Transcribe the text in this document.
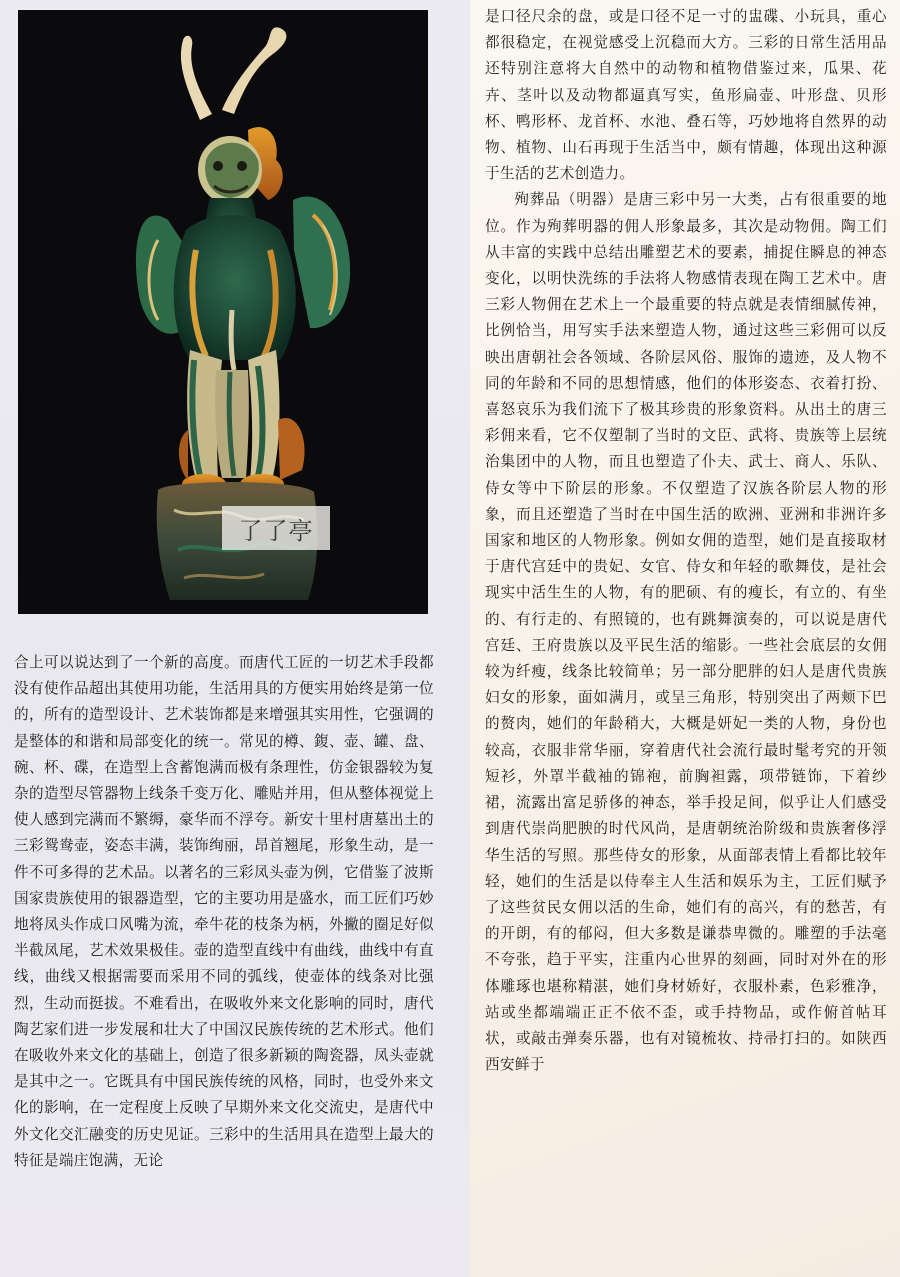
了了亭

合上可以说达到了一个新的高度。而唐代工匠的一切艺术手段都没有使作品超出其使用功能，生活用具的方便实用始终是第一位的，所有的造型设计、艺术装饰都是来增强其实用性，它强调的是整体的和谐和局部变化的统一。常见的樽、鍑、壶、罐、盘、碗、杯、碟，在造型上含蓄饱满而极有条理性，仿金银器较为复杂的造型尽管器物上线条千变万化、雕贴并用，但从整体视觉上使人感到完满而不繁缛，豪华而不浮夸。新安十里村唐墓出土的三彩鸳鸯壶，姿态丰满，装饰绚丽，昂首翘尾，形象生动，是一件不可多得的艺术品。以著名的三彩凤头壶为例，它借鉴了波斯国家贵族使用的银器造型，它的主要功用是盛水，而工匠们巧妙地将凤头作成口风嘴为流，牵牛花的枝条为柄，外撇的圈足好似半截凤尾，艺术效果极佳。壶的造型直线中有曲线，曲线中有直线，曲线又根据需要而采用不同的弧线，使壶体的线条对比强烈，生动而挺拔。不难看出，在吸收外来文化影响的同时，唐代陶艺家们进一步发展和壮大了中国汉民族传统的艺术形式。他们在吸收外来文化的基础上，创造了很多新颖的陶瓷器，凤头壶就是其中之一。它既具有中国民族传统的风格，同时，也受外来文化的影响，在一定程度上反映了早期外来文化交流史，是唐代中外文化交汇融变的历史见证。三彩中的生活用具在造型上最大的特征是端庄饱满，无论

是口径尺余的盘，或是口径不足一寸的盅碟、小玩具，重心都很稳定，在视觉感受上沉稳而大方。三彩的日常生活用品还特别注意将大自然中的动物和植物借鉴过来，瓜果、花卉、茎叶以及动物都逼真写实，鱼形扁壶、叶形盘、贝形杯、鸭形杯、龙首杯、水池、叠石等，巧妙地将自然界的动物、植物、山石再现于生活当中，颇有情趣，体现出这种源于生活的艺术创造力。

殉葬品（明器）是唐三彩中另一大类，占有很重要的地位。作为殉葬明器的佣人形象最多，其次是动物佣。陶工们从丰富的实践中总结出雕塑艺术的要素，捕捉住瞬息的神态变化，以明快洗练的手法将人物感情表现在陶工艺术中。唐三彩人物佣在艺术上一个最重要的特点就是表情细腻传神，比例恰当，用写实手法来塑造人物，通过这些三彩佣可以反映出唐朝社会各领域、各阶层风俗、服饰的遗迹，及人物不同的年龄和不同的思想情感，他们的体形姿态、衣着打扮、喜怒哀乐为我们流下了极其珍贵的形象资料。从出土的唐三彩佣来看，它不仅塑制了当时的文臣、武将、贵族等上层统治集团中的人物，而且也塑造了仆夫、武士、商人、乐队、侍女等中下阶层的形象。不仅塑造了汉族各阶层人物的形象，而且还塑造了当时在中国生活的欧洲、亚洲和非洲许多国家和地区的人物形象。例如女佣的造型，她们是直接取材于唐代宫廷中的贵妃、女官、侍女和年轻的歌舞伎，是社会现实中活生生的人物，有的肥硕、有的瘦长，有立的、有坐的、有行走的、有照镜的，也有跳舞演奏的，可以说是唐代宫廷、王府贵族以及平民生活的缩影。一些社会底层的女佣较为纤瘦，线条比较简单；另一部分肥胖的妇人是唐代贵族妇女的形象，面如满月，或呈三角形，特别突出了两颊下巴的赘肉，她们的年龄稍大，大概是妍妃一类的人物，身份也较高，衣服非常华丽，穿着唐代社会流行最时髦考究的开领短衫，外罩半截袖的锦袍，前胸袒露，项带链饰，下着纱裙，流露出富足骄侈的神态，举手投足间，似乎让人们感受到唐代崇尚肥腴的时代风尚，是唐朝统治阶级和贵族奢侈浮华生活的写照。那些侍女的形象，从面部表情上看都比较年轻，她们的生活是以侍奉主人生活和娱乐为主，工匠们赋予了这些贫民女佣以活的生命，她们有的高兴，有的愁苦，有的开朗，有的郁闷，但大多数是谦恭卑微的。雕塑的手法毫不夸张，趋于平实，注重内心世界的刻画，同时对外在的形体雕琢也堪称精湛，她们身材娇好，衣服朴素，色彩雅净，站或坐都端端正正不依不歪，或手持物品，或作俯首帖耳状，或敲击弹奏乐器，也有对镜梳妆、持帚打扫的。如陕西西安鲜于
